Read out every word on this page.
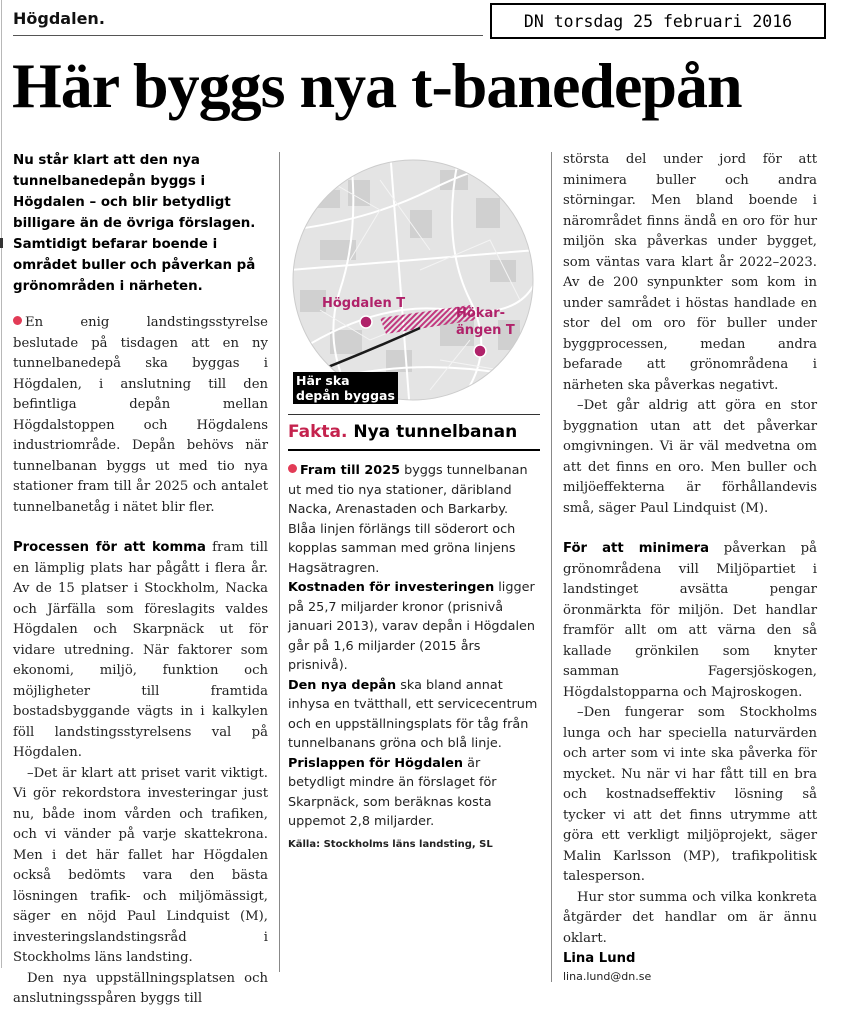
Högdalen.	DN torsdag 25 februari 2016
Här byggs nya t-banedepån
Nu står klart att den nya tunnelbanedepån byggs i Högdalen – och blir betydligt billigare än de övriga förslagen. Samtidigt befarar boende i området buller och påverkan på grönområden i närheten.

En enig landstingsstyrelse beslutade på tisdagen att en ny tunnelbanedepå ska byggas i Högdalen, i anslutning till den befintliga depån mellan Högdalstoppen och Högdalens industriområde. Depån behövs när tunnelbanan byggs ut med tio nya stationer fram till år 2025 och antalet tunnelbanetåg i nätet blir fler.

Processen för att komma fram till en lämplig plats har pågått i flera år. Av de 15 platser i Stockholm, Nacka och Järfälla som föreslagits valdes Högdalen och Skarpnäck ut för vidare utredning. När faktorer som ekonomi, miljö, funktion och möjligheter till framtida bostadsbyggande vägts in i kalkylen föll landstingsstyrelsens val på Högdalen.

–Det är klart att priset varit viktigt. Vi gör rekordstora investeringar just nu, både inom vården och trafiken, och vi vänder på varje skattekrona. Men i det här fallet har Högdalen också bedömts vara den bästa lösningen trafik- och miljömässigt, säger en nöjd Paul Lindquist (M), investeringslandstingsråd i Stockholms läns landsting.

Den nya uppställningsplatsen och anslutningsspåren byggs till

Högdalen T
Hökar-
ängen T
Här ska
depån byggas
Fakta. Nya tunnelbanan

Fram till 2025 byggs tunnelbanan ut med tio nya stationer, däribland Nacka, Arenastaden och Barkarby. Blåa linjen förlängs till söderort och kopplas samman med gröna linjens Hagsätragren.

Kostnaden för investeringen ligger på 25,7 miljarder kronor (prisnivå januari 2013), varav depån i Högdalen går på 1,6 miljarder (2015 års prisnivå).

Den nya depån ska bland annat inhysa en tvätthall, ett servicecentrum och en uppställningsplats för tåg från tunnelbanans gröna och blå linje.

Prislappen för Högdalen är betydligt mindre än förslaget för Skarpnäck, som beräknas kosta uppemot 2,8 miljarder.

Källa: Stockholms läns landsting, SL

största del under jord för att minimera buller och andra störningar. Men bland boende i närområdet finns ändå en oro för hur miljön ska påverkas under bygget, som väntas vara klart år 2022–2023. Av de 200 synpunkter som kom in under samrådet i höstas handlade en stor del om oro för buller under byggprocessen, medan andra befarade att grönområdena i närheten ska påverkas negativt.

–Det går aldrig att göra en stor byggnation utan att det påverkar omgivningen. Vi är väl medvetna om att det finns en oro. Men buller och miljöeffekterna är förhållandevis små, säger Paul Lindquist (M).

För att minimera påverkan på grönområdena vill Miljöpartiet i landstinget avsätta pengar öronmärkta för miljön. Det handlar framför allt om att värna den så kallade grönkilen som knyter samman Fagersjöskogen, Högdalstopparna och Majroskogen.

–Den fungerar som Stockholms lunga och har speciella naturvärden och arter som vi inte ska påverka för mycket. Nu när vi har fått till en bra och kostnadseffektiv lösning så tycker vi att det finns utrymme att göra ett verkligt miljöprojekt, säger Malin Karlsson (MP), trafikpolitisk talesperson.

Hur stor summa och vilka konkreta åtgärder det handlar om är ännu oklart.

Lina Lund
lina.lund@dn.se
